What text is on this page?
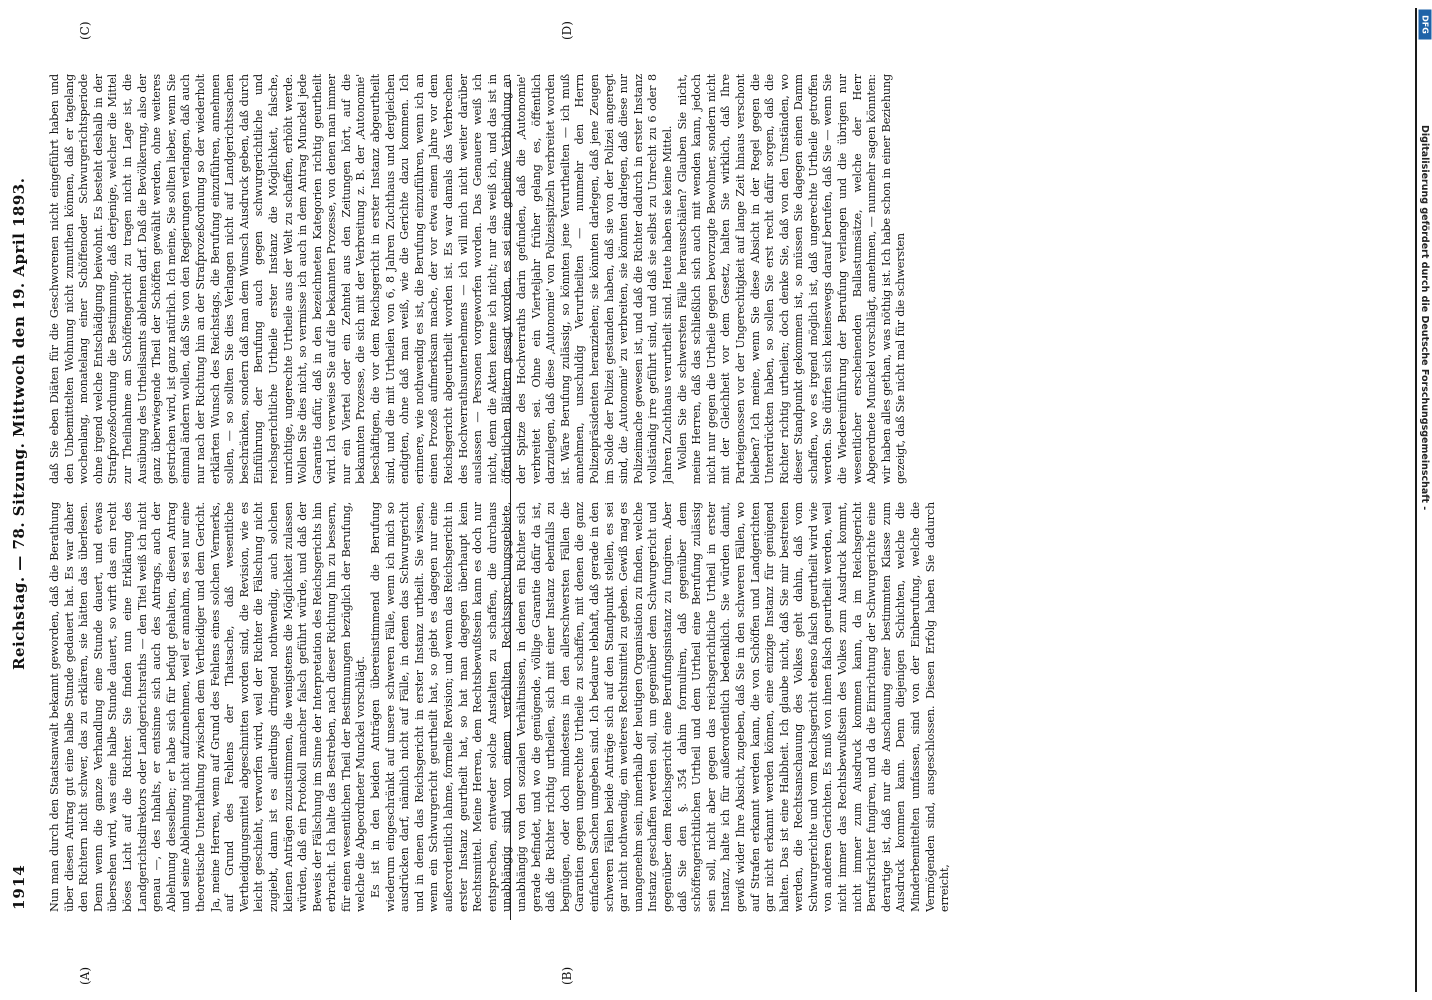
1914
Reichstag. — 78. Sitzung. Mittwoch den 19. April 1893.
(A)	(B)
(C)	(D)

Nun man durch den Staatsanwalt bekannt geworden, daß die Berathung über diesen Antrag gut eine halbe Stunde gedauert hat. Es war daher den Richtern nicht schwer, das zu erklären, sie hätten das überlesen. Denn wenn die ganze Verhandlung eine Stunde dauert, und etwas übersehen wird, was eine halbe Stunde dauert, so wirft das ein recht böses Licht auf die Richter. Sie finden nun eine Erklärung des Landgerichtsdirektors oder Landgerichtsraths — den Titel weiß ich nicht genau —, des Inhalts, er entsinne sich auch des Antrags, auch der Ablehnung desselben; er habe sich für befugt gehalten, diesen Antrag und seine Ablehnung nicht aufzunehmen, weil er annahm, es sei nur eine theoretische Unterhaltung zwischen dem Vertheidiger und dem Gericht. Ja, meine Herren, wenn auf Grund des Fehlens eines solchen Vermerks, auf Grund des Fehlens der Thatsache, daß wesentliche Vertheidigungsmittel abgeschnitten worden sind, die Revision, wie es leicht geschieht, verworfen wird, weil der Richter die Fälschung nicht zugiebt, dann ist es allerdings dringend nothwendig, auch solchen kleinen Anträgen zuzustimmen, die wenigstens die Möglichkeit zulassen würden, daß ein Protokoll mancher falsch geführt würde, und daß der Beweis der Fälschung im Sinne der Interpretation des Reichsgerichts hin erbracht. Ich halte das Bestreben, nach dieser Richtung hin zu bessern, für einen wesentlichen Theil der Bestimmungen bezüglich der Berufung, welche die Abgeordneter Munckel vorschlägt. Es ist in den beiden Anträgen übereinstimmend die Berufung wiederum eingeschränkt auf unsere schweren Fälle, wenn ich mich so ausdrücken darf, nämlich nicht auf Fälle, in denen das Schwurgericht und in denen das Reichsgericht in erster Instanz urtheilt. Sie wissen, wenn ein Schwurgericht geurtheilt hat, so giebt es dagegen nur eine außerordentlich lahme, formelle Revision; und wenn das Reichsgericht in erster Instanz geurtheilt hat, so hat man dagegen überhaupt kein Rechtsmittel. Meine Herren, dem Rechtsbewußtsein kann es doch nur entsprechen, entweder solche Anstalten zu schaffen, die durchaus unabhängig sind von einem verfehlten Rechtssprechungsgebiete, unabhängig von den sozialen Verhältnissen, in denen ein Richter sich gerade befindet, und wo die genügende, völlige Garantie dafür da ist, daß die Richter richtig urtheilen, sich mit einer Instanz ebenfalls zu begnügen, oder doch mindestens in den allerschwersten Fällen die Garantien gegen ungerechte Urtheile zu schaffen, mit denen die ganz einfachen Sachen umgeben sind. Ich bedaure lebhaft, daß gerade in den schweren Fällen beide Anträge sich auf den Standpunkt stellen, es sei gar nicht nothwendig, ein weiteres Rechtsmittel zu geben. Gewiß mag es unangenehm sein, innerhalb der heutigen Organisation zu finden, welche Instanz geschaffen werden soll, um gegenüber dem Schwurgericht und gegenüber dem Reichsgericht eine Berufungsinstanz zu fungiren. Aber daß Sie den §. 354 dahin formuliren, daß gegenüber dem schöffengerichtlichen Urtheil und dem Urtheil eine Berufung zulässig sein soll, nicht aber gegen das reichsgerichtliche Urtheil in erster Instanz, halte ich für außerordentlich bedenklich. Sie würden damit, gewiß wider Ihre Absicht, zugeben, daß Sie in den schweren Fällen, wo auf Strafen erkannt werden kann, die von Schöffen und Landgerichten gar nicht erkannt werden können, eine einzige Instanz für genügend halten. Das ist eine Halbheit. Ich glaube nicht, daß Sie mir bestreiten werden, die Rechtsanschauung des Volkes geht dahin, daß vom Schwurgerichte und vom Reichsgericht ebenso falsch geurtheilt wird wie von anderen Gerichten. Es muß von ihnen falsch geurtheilt werden, weil nicht immer das Rechtsbewußtsein des Volkes zum Ausdruck kommt, nicht immer zum Ausdruck kommen kann, da im Reichsgericht Berufsrichter fungiren, und da die Einrichtung der Schwurgerichte eine derartige ist, daß nur die Anschauung einer bestimmten Klasse zum Ausdruck kommen kann. Denn diejenigen Schichten, welche die Minderbemittelten umfassen, sind von der Einberufung, welche die Vermögenden sind, ausgeschlossen. Diesen Erfolg haben Sie dadurch erreicht,

daß Sie eben Diäten für die Geschworenen nicht eingeführt haben und den Unbemittelten Wohnung nicht zumuthen können, daß er tagelang wochenlang, monatelang einer Schöffenoder Schwurgerichtsperiode ohne irgend welche Entschädigung beiwohnt. Es besteht deshalb in der Strafprozeßordnung die Bestimmung, daß derjenige, welcher die Mittel zur Theilnahme am Schöffengericht zu tragen nicht in Lage ist, die Ausübung des Urtheilsamts ablehnen darf. Daß die Bevölkerung, also der ganz überwiegende Theil der Schöffen gewählt werden, ohne weiteres gestrichen wird, ist ganz natürlich. Ich meine, Sie sollten lieber, wenn Sie einmal ändern wollen, daß Sie von den Regierungen verlangen, daß auch nur nach der Richtung hin an der Strafprozeßordnung so der wiederholt erklärten Wunsch des Reichstags, die Berufung einzuführen, annehmen sollen, — so sollten Sie dies Verlangen nicht auf Landgerichtssachen beschränken, sondern daß man dem Wunsch Ausdruck geben, daß durch Einführung der Berufung auch gegen schwurgerichtliche und reichsgerichtliche Urtheile erster Instanz die Möglichkeit, falsche, unrichtige, ungerechte Urtheile aus der Welt zu schaffen, erhöht werde. Wollen Sie dies nicht, so vermisse ich auch in dem Antrag Munckel jede Garantie dafür, daß in den bezeichneten Kategorien richtig geurtheilt wird. Ich verweise Sie auf die bekannten Prozesse, von denen man immer nur ein Viertel oder ein Zehntel aus den Zeitungen hört, auf die bekannten Prozesse, die sich mit der Verbreitung z. B. der ‚Autonomie' beschäftigen, die vor dem Reichsgericht in erster Instanz abgeurtheilt sind, und die mit Urtheilen von 6, 8 Jahren Zuchthaus und dergleichen endigten, ohne daß man weiß, wie die Gerichte dazu kommen. Ich erinnere, wie nothwendig es ist, die Berufung einzuführen, wenn ich an einen Prozeß aufmerksam mache, der vor etwa einem Jahre vor dem Reichsgericht abgeurtheilt worden ist. Es war damals das Verbrechen des Hochverrathsunternehmens — ich will mich nicht weiter darüber auslassen — Personen vorgeworfen worden. Das Genauere weiß ich nicht, denn die Akten kenne ich nicht; nur das weiß ich, und das ist in öffentlichen Blättern gesagt worden, es sei eine geheime Verbindung an der Spitze des Hochverraths darin gefunden, daß die ‚Autonomie' verbreitet sei. Ohne ein Vierteljahr früher gelang es, öffentlich darzulegen, daß diese ‚Autonomie' von Polizeispitzeln verbreitet worden ist. Wäre Berufung zulässig, so könnten jene Verurtheilten — ich muß annehmen, unschuldig Verurtheilten — nunmehr den Herrn Polizeipräsidenten heranziehen; sie könnten darlegen, daß jene Zeugen im Solde der Polizei gestanden haben, daß sie von der Polizei angeregt sind, die ‚Autonomie' zu verbreiten, sie könnten darlegen, daß diese nur Polizeimache gewesen ist, und daß die Richter dadurch in erster Instanz vollständig irre geführt sind, und daß sie selbst zu Unrecht zu 6 oder 8 Jahren Zuchthaus verurtheilt sind. Heute haben sie keine Mittel. Wollen Sie die schwersten Fälle herausschälen? Glauben Sie nicht, meine Herren, daß das schließlich sich auch mit wenden kann, jedoch nicht nur gegen die Urtheile gegen bevorzugte Bewohner, sondern nicht mit der Gleichheit vor dem Gesetz, halten Sie wirklich, daß Ihre Parteigenossen vor der Ungerechtigkeit auf lange Zeit hinaus verschont bleiben? Ich meine, wenn Sie diese Absicht in der Regel gegen die Unterdrückten haben, so sollen Sie erst recht dafür sorgen, daß die Richter richtig urtheilen; doch denke Sie, daß von den Umständen, wo dieser Standpunkt gekommen ist, so müssen Sie dagegen einen Damm schaffen, wo es irgend möglich ist, daß ungerechte Urtheile getroffen werden. Sie dürfen sich keineswegs darauf berufen, daß Sie — wenn Sie die Wiedereinführung der Berufung verlangen und die übrigen nur wesentlicher erscheinenden Ballastumsätze, welche der Herr Abgeordnete Munckel vorschlägt, annehmen, — nunmehr sagen könnten: wir haben alles gethan, was nöthig ist. Ich habe schon in einer Beziehung gezeigt, daß Sie nicht mal für die schwersten	Digitalisierung gefördert durch die Deutsche Forschungsgemeinschaft -
DFG
